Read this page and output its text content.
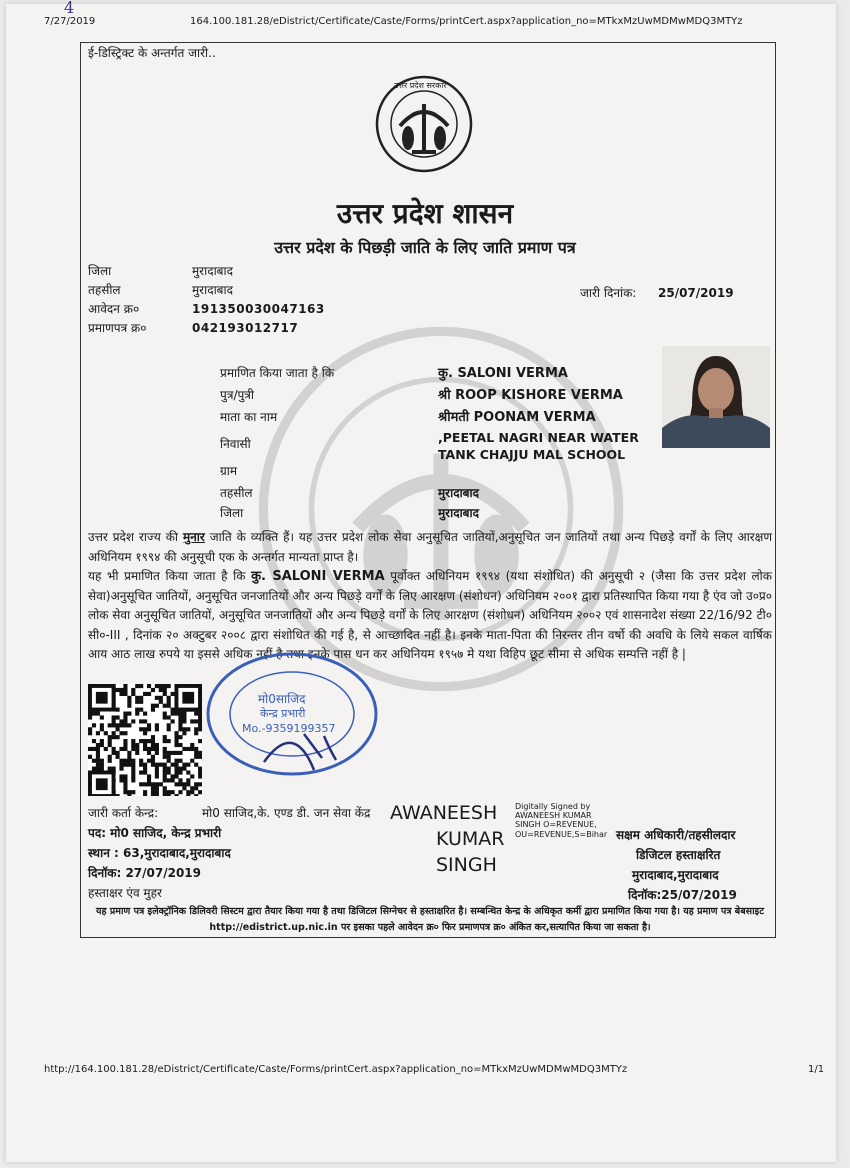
4
7/27/2019	164.100.181.28/eDistrict/Certificate/Caste/Forms/printCert.aspx?application_no=MTkxMzUwMDMwMDQ3MTYz
ई-डिस्ट्रिक्ट के अन्तर्गत जारी..
उत्तर प्रदेश सरकार
उत्तर प्रदेश शासन
उत्तर प्रदेश के पिछड़ी जाति के लिए जाति प्रमाण पत्र
जिला	मुरादाबाद
तहसील	मुरादाबाद
आवेदन क्र०	191350030047163
प्रमाणपत्र क्र०	042193012717
जारी दिनांक: 25/07/2019
प्रमाणित किया जाता है कि	कु. SALONI VERMA
पुत्र/पुत्री	श्री ROOP KISHORE VERMA
माता का नाम	श्रीमती POONAM VERMA
निवासी	,PEETAL NAGRI NEAR WATER
TANK CHAJJU MAL SCHOOL
ग्राम
तहसील	मुरादाबाद
जिला	मुरादाबाद
उत्तर प्रदेश राज्य की मुनार जाति के व्यक्ति हैं। यह उत्तर प्रदेश लोक सेवा अनुसूचित जातियों,अनुसूचित जन जातियों तथा अन्य पिछड़े वर्गों के लिए आरक्षण अधिनियम १९९४ की अनुसूची एक के अन्तर्गत मान्यता प्राप्त है।
यह भी प्रमाणित किया जाता है कि कु. SALONI VERMA पूर्वोक्त अधिनियम १९९४ (यथा संशोधित) की अनुसूची २ (जैसा कि उत्तर प्रदेश लोक सेवा)अनुसूचित जातियों, अनुसूचित जनजातियों और अन्य पिछड़े वर्गों के लिए आरक्षण (संशोधन) अधिनियम २००१ द्वारा प्रतिस्थापित किया गया है एंव जो उ०प्र० लोक सेवा अनुसूचित जातियों, अनुसूचित जनजातियों और अन्य पिछड़े वर्गों के लिए आरक्षण (संशोधन) अधिनियम २००२ एवं शासनादेश संख्या 22/16/92 टी० सी०-III , दिनांक २० अक्टुबर २००८ द्वारा संशोधित की गई है, से आच्छादित नहीं है। इनके माता-पिता की निरन्तर तीन वर्षो की अवधि के लिये सकल वार्षिक आय आठ लाख रुपये या इससे अधिक नहीं है तथा इनके पास धन कर अधिनियम १९५७ मे यथा विहिप छूट सीमा से अधिक सम्पत्ति नहीं है |
मो0साजिद
केन्द्र प्रभारी
Mo.-9359199357
जारी कर्ता केन्द्र:	मो0 साजिद,के. एण्ड डी. जन सेवा केंद्र
पद: मो0 साजिद, केन्द्र प्रभारी
स्थान : 63,मुरादाबाद,मुरादाबाद
दिनॉक: 27/07/2019
हस्ताक्षर एंव मुहर
AWANEESH
KUMAR
SINGH
Digitally Signed by
AWANEESH KUMAR
SINGH O=REVENUE,
OU=REVENUE,S=Bihar सक्षम अधिकारी/तहसीलदार
डिजिटल हस्ताक्षरित
मुरादाबाद,मुरादाबाद
दिनॉक:25/07/2019
यह प्रमाण पत्र इलेक्ट्रॉनिक डिलिवरी सिस्टम द्वारा तैयार किया गया है तथा डिजिटल सिग्नेचर से हस्ताक्षरित है। सम्बन्धित केन्द्र के अधिकृत कर्मी द्वारा प्रमाणित किया गया है। यह प्रमाण पत्र बेबसाइट http://edistrict.up.nic.in पर इसका पहले आवेदन क्र० फिर प्रमाणपत्र क्र० अंकित कर,सत्यापित किया जा सकता है।
http://164.100.181.28/eDistrict/Certificate/Caste/Forms/printCert.aspx?application_no=MTkxMzUwMDMwMDQ3MTYz	1/1
